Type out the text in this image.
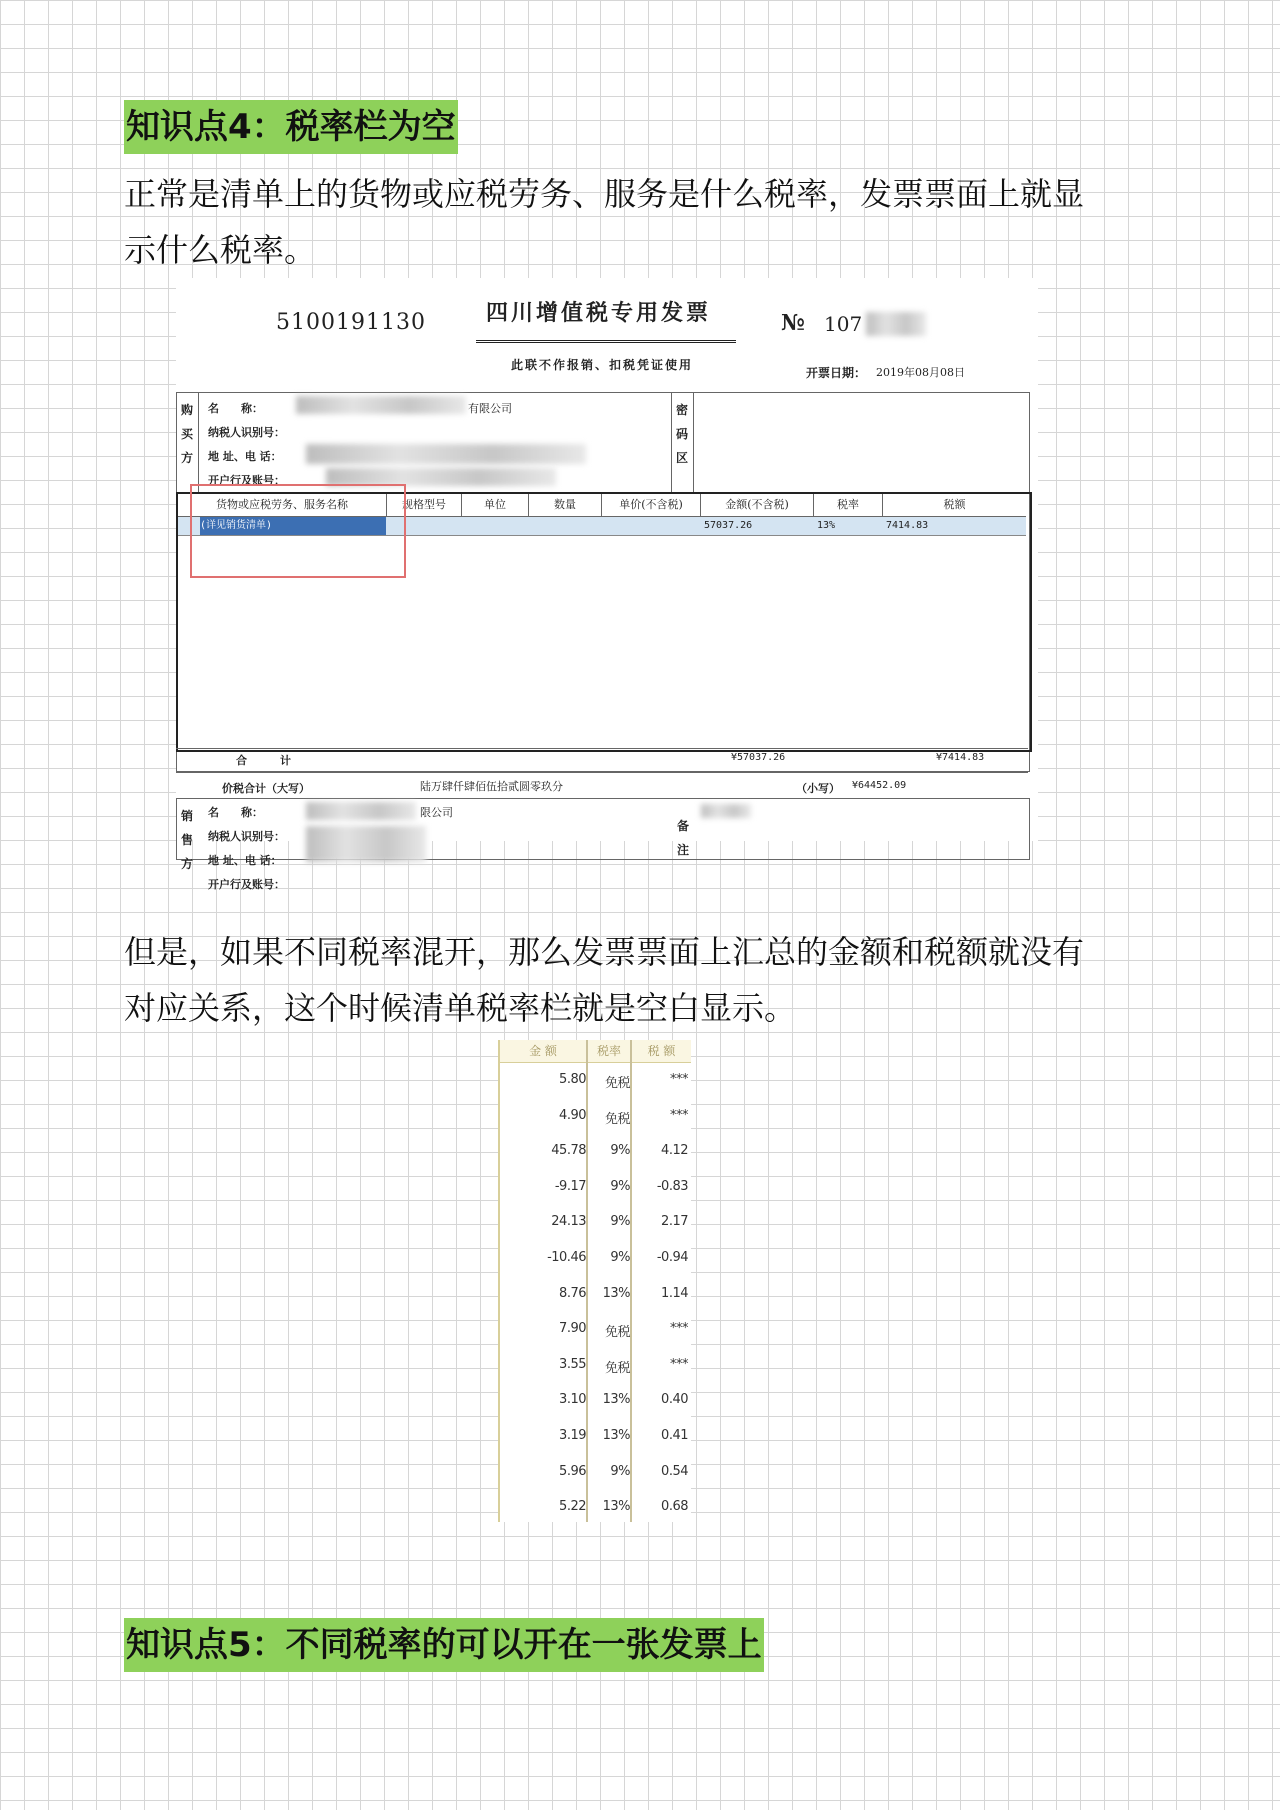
知识点4：税率栏为空
正常是清单上的货物或应税劳务、服务是什么税率，发票票面上就显
示什么税率。
5100191130	四川增值税专用发票	№ 107
此联不作报销、扣税凭证使用
开票日期： 2019年08月08日
购
买
方
名　　称：
纳税人识别号：
地 址、电 话：
开户行及账号：
有限公司	密
码
区
货物或应税劳务、服务名称	规格型号	单位	数量	单价(不含税)	金额(不含税)	税率	税额
(详见销货清单)	57037.26	13%	7414.83
合　　　计	¥57037.26	¥7414.83
价税合计（大写）	陆万肆仟肆佰伍拾贰圆零玖分	（小写） ¥64452.09
销
售
方
名　　称：
纳税人识别号：
地 址、电 话：
开户行及账号：
限公司
备
注
但是，如果不同税率混开，那么发票票面上汇总的金额和税额就没有
对应关系，这个时候清单税率栏就是空白显示。
金 额	税率	税 额
5.80	免税	***
4.90	免税	***
45.78	9%	4.12
-9.17	9%	-0.83
24.13	9%	2.17
-10.46	9%	-0.94
8.76	13%	1.14
7.90	免税	***
3.55	免税	***
3.10	13%	0.40
3.19	13%	0.41
5.96	9%	0.54
5.22	13%	0.68
知识点5：不同税率的可以开在一张发票上
